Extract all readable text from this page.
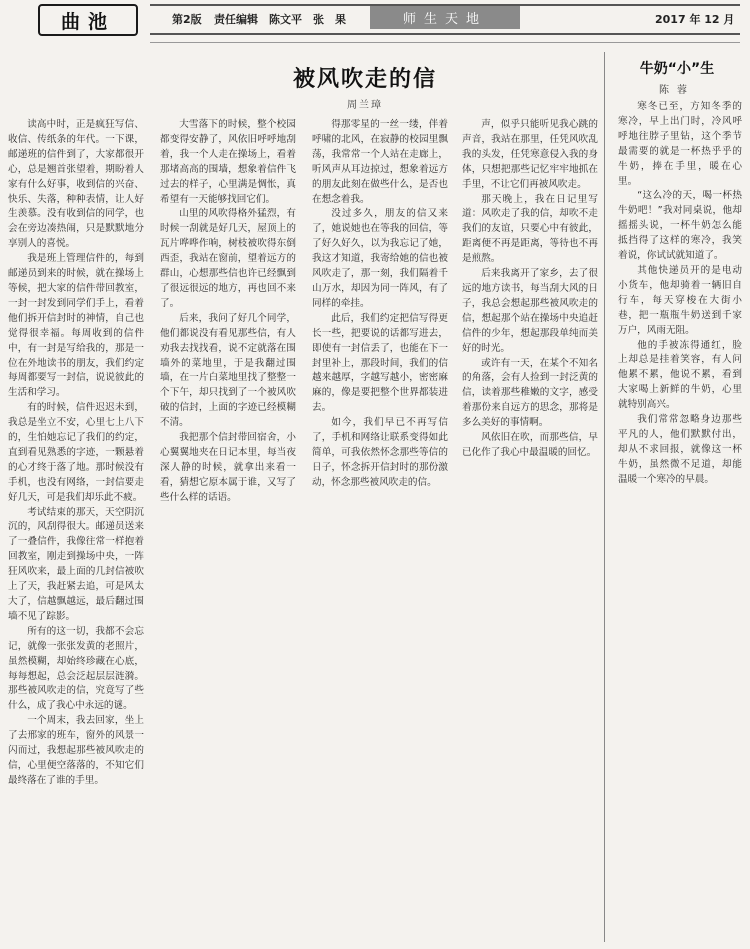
曲池	第2版 责任编辑　陈文平　张　果	师生天地	2017 年 12 月
被风吹走的信
周兰璋

读高中时，正是疯狂写信、收信、传纸条的年代。一下课，邮递班的信件到了，大家都很开心，总是翘首张望着，期盼着人家有什么好事，收到信的兴奋、快乐、失落，种种表情，让人好生羡慕。没有收到信的同学，也会在旁边凑热闹，只是默默地分享别人的喜悦。

我是班上管理信件的，每到邮递员到来的时候，就在操场上等候，把大家的信件带回教室，一封一封发到同学们手上，看着他们拆开信封时的神情，自己也觉得很幸福。每周收到的信件中，有一封是写给我的，那是一位在外地读书的朋友，我们约定每周都要写一封信，说说彼此的生活和学习。

有的时候，信件迟迟未到，我总是坐立不安，心里七上八下的，生怕她忘记了我们的约定，直到看见熟悉的字迹，一颗悬着的心才终于落了地。那时候没有手机，也没有网络，一封信要走好几天，可是我们却乐此不疲。

考试结束的那天，天空阴沉沉的，风刮得很大。邮递员送来了一叠信件，我像往常一样抱着回教室，刚走到操场中央，一阵狂风吹来，最上面的几封信被吹上了天，我赶紧去追，可是风太大了，信越飘越远，最后翻过围墙不见了踪影。

所有的这一切，我都不会忘记，就像一张张发黄的老照片，虽然模糊，却始终珍藏在心底，每每想起，总会泛起层层涟漪。那些被风吹走的信，究竟写了些什么，成了我心中永远的谜。

一个周末，我去回家，坐上了去邢家的班车，窗外的风景一闪而过，我想起那些被风吹走的信，心里便空落落的，不知它们最终落在了谁的手里。

大雪落下的时候，整个校园都变得安静了，风依旧呼呼地刮着，我一个人走在操场上，看着那堵高高的围墙，想象着信件飞过去的样子，心里满是惆怅，真希望有一天能够找回它们。

山里的风吹得格外猛烈，有时候一刮就是好几天，屋顶上的瓦片哗哗作响，树枝被吹得东倒西歪，我站在窗前，望着远方的群山，心想那些信也许已经飘到了很远很远的地方，再也回不来了。

后来，我问了好几个同学，他们都说没有看见那些信，有人劝我去找找看，说不定就落在围墙外的菜地里，于是我翻过围墙，在一片白菜地里找了整整一个下午，却只找到了一个被风吹破的信封，上面的字迹已经模糊不清。

我把那个信封带回宿舍，小心翼翼地夹在日记本里，每当夜深人静的时候，就拿出来看一看，猜想它原本属于谁，又写了些什么样的话语。

得那零星的一丝一缕，伴着呼啸的北风，在寂静的校园里飘荡，我常常一个人站在走廊上，听风声从耳边掠过，想象着远方的朋友此刻在做些什么，是否也在想念着我。

没过多久，朋友的信又来了，她说她也在等我的回信，等了好久好久，以为我忘记了她，我这才知道，我寄给她的信也被风吹走了，那一刻，我们隔着千山万水，却因为同一阵风，有了同样的牵挂。

此后，我们约定把信写得更长一些，把要说的话都写进去，即使有一封信丢了，也能在下一封里补上，那段时间，我们的信越来越厚，字越写越小，密密麻麻的，像是要把整个世界都装进去。

如今，我们早已不再写信了，手机和网络让联系变得如此简单，可我依然怀念那些等信的日子，怀念拆开信封时的那份激动，怀念那些被风吹走的信。

声，似乎只能听见我心跳的声音，我站在那里，任凭风吹乱我的头发，任凭寒意侵入我的身体，只想把那些记忆牢牢地抓在手里，不让它们再被风吹走。

那天晚上，我在日记里写道：风吹走了我的信，却吹不走我们的友谊，只要心中有彼此，距离便不再是距离，等待也不再是煎熬。

后来我离开了家乡，去了很远的地方读书，每当刮大风的日子，我总会想起那些被风吹走的信，想起那个站在操场中央追赶信件的少年，想起那段单纯而美好的时光。

或许有一天，在某个不知名的角落，会有人捡到一封泛黄的信，读着那些稚嫩的文字，感受着那份来自远方的思念，那将是多么美好的事情啊。

风依旧在吹，而那些信，早已化作了我心中最温暖的回忆。

牛奶“小”生
陈蓉

寒冬已至，方知冬季的寒冷，早上出门时，冷风呼呼地往脖子里钻，这个季节最需要的就是一杯热乎乎的牛奶，捧在手里，暖在心里。

“这么冷的天，喝一杯热牛奶吧！”我对同桌说，他却摇摇头说，一杯牛奶怎么能抵挡得了这样的寒冷，我笑着说，你试试就知道了。

其他快递员开的是电动小货车，他却骑着一辆旧自行车，每天穿梭在大街小巷，把一瓶瓶牛奶送到千家万户，风雨无阻。

他的手被冻得通红，脸上却总是挂着笑容，有人问他累不累，他说不累，看到大家喝上新鲜的牛奶，心里就特别高兴。

我们常常忽略身边那些平凡的人，他们默默付出，却从不求回报，就像这一杯牛奶，虽然微不足道，却能温暖一个寒冷的早晨。
